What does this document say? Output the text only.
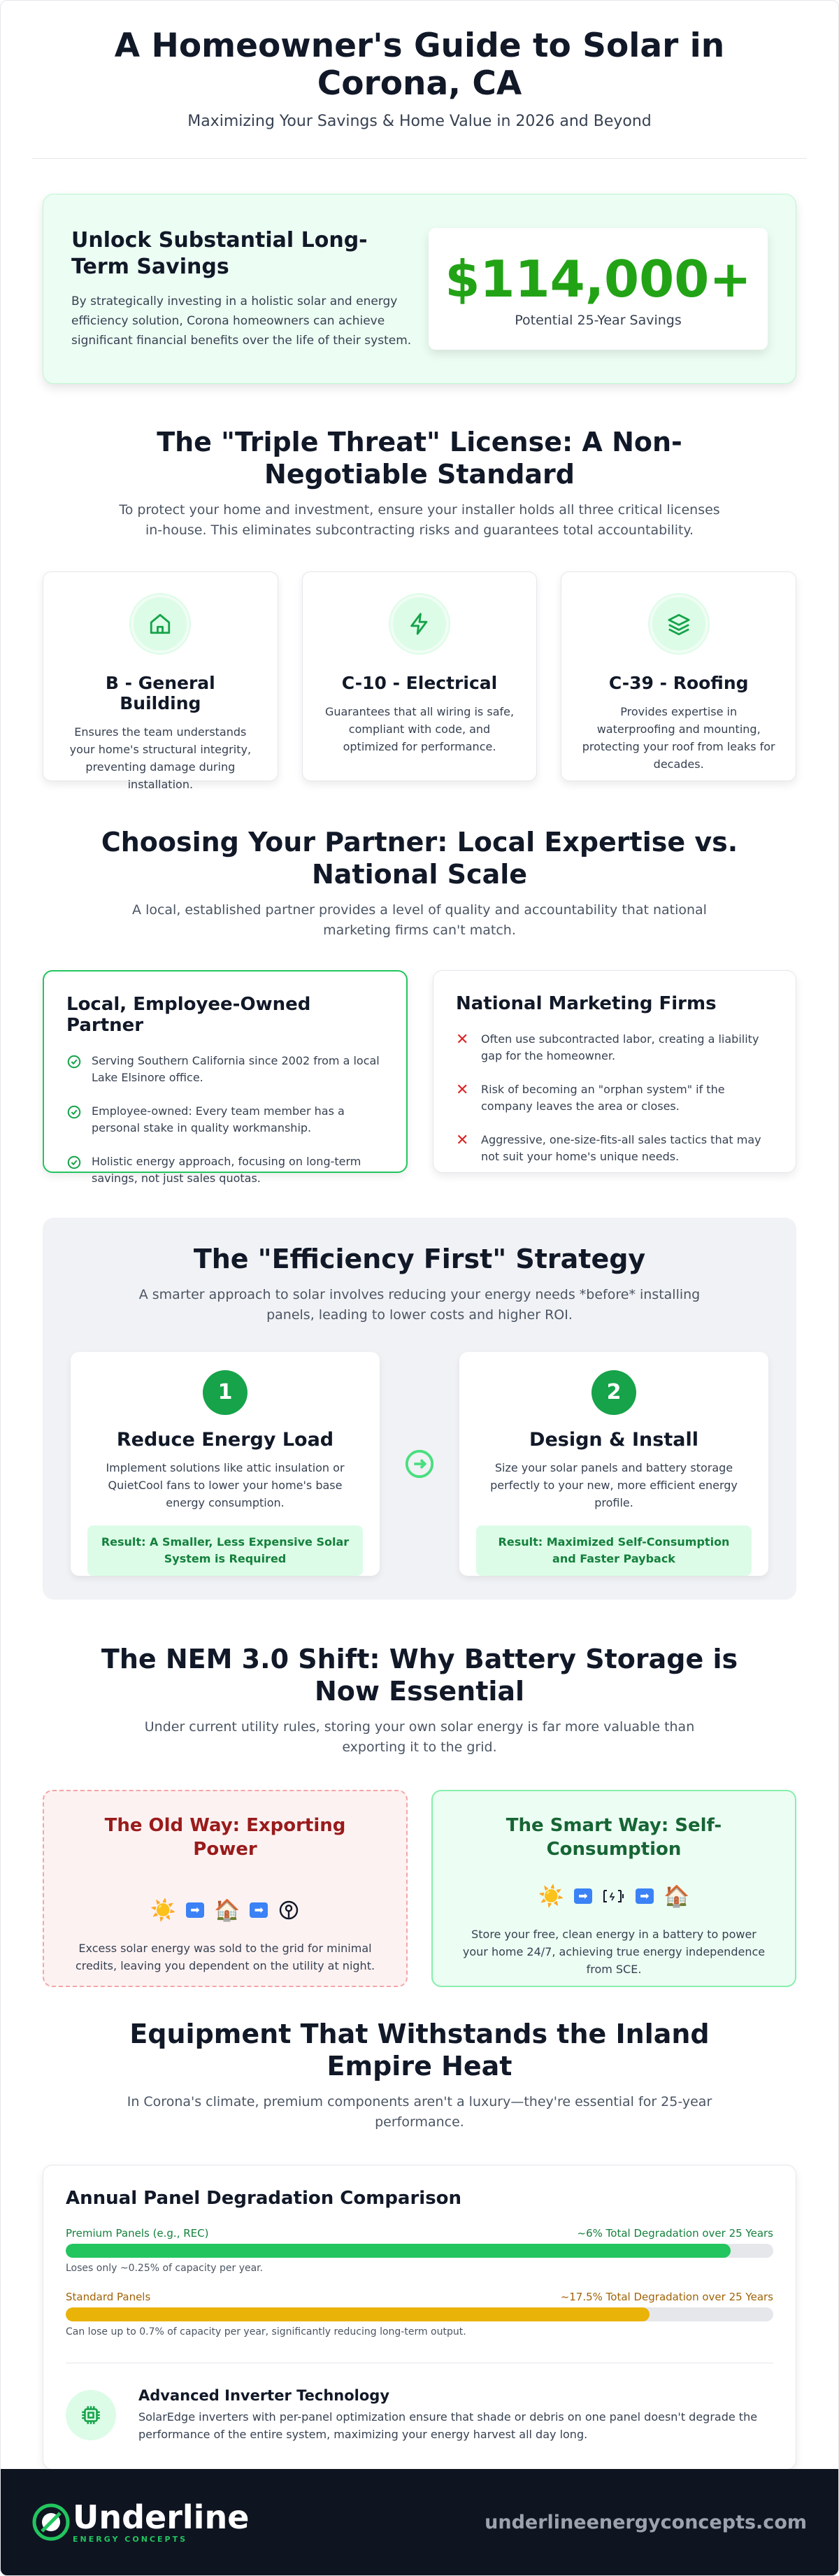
A Homeowner's Guide to Solar in Corona, CA
Maximizing Your Savings & Home Value in 2026 and Beyond
Unlock Substantial Long-Term Savings

By strategically investing in a holistic solar and energy efficiency solution, Corona homeowners can achieve significant financial benefits over the life of their system.

$114,000+
Potential 25-Year Savings
The "Triple Threat" License: A Non-Negotiable Standard

To protect your home and investment, ensure your installer holds all three critical licenses in-house. This eliminates subcontracting risks and guarantees total accountability.

B - General Building

Ensures the team understands your home's structural integrity, preventing damage during installation.

C-10 - Electrical

Guarantees that all wiring is safe, compliant with code, and optimized for performance.

C-39 - Roofing

Provides expertise in waterproofing and mounting, protecting your roof from leaks for decades.

Choosing Your Partner: Local Expertise vs. National Scale

A local, established partner provides a level of quality and accountability that national marketing firms can't match.

Local, Employee-Owned Partner
Serving Southern California since 2002 from a local Lake Elsinore office.
Employee-owned: Every team member has a personal stake in quality workmanship.
Holistic energy approach, focusing on long-term savings, not just sales quotas.
National Marketing Firms
✕ Often use subcontracted labor, creating a liability gap for the homeowner.
✕ Risk of becoming an "orphan system" if the company leaves the area or closes.
✕ Aggressive, one-size-fits-all sales tactics that may not suit your home's unique needs.
The "Efficiency First" Strategy

A smarter approach to solar involves reducing your energy needs *before* installing panels, leading to lower costs and higher ROI.

1
Reduce Energy Load

Implement solutions like attic insulation or QuietCool fans to lower your home's base energy consumption.

Result: A Smaller, Less Expensive Solar System is Required
2
Design & Install

Size your solar panels and battery storage perfectly to your new, more efficient energy profile.

Result: Maximized Self-Consumption and Faster Payback
The NEM 3.0 Shift: Why Battery Storage is Now Essential

Under current utility rules, storing your own solar energy is far more valuable than exporting it to the grid.

The Old Way: Exporting Power
☀️	➡ 🏠	➡

Excess solar energy was sold to the grid for minimal credits, leaving you dependent on the utility at night.

The Smart Way: Self-Consumption
☀️	➡	➡ 🏠

Store your free, clean energy in a battery to power your home 24/7, achieving true energy independence from SCE.

Equipment That Withstands the Inland Empire Heat

In Corona's climate, premium components aren't a luxury—they're essential for 25-year performance.

Annual Panel Degradation Comparison
Premium Panels (e.g., REC)	~6% Total Degradation over 25 Years
Loses only ~0.25% of capacity per year.
Standard Panels	~17.5% Total Degradation over 25 Years
Can lose up to 0.7% of capacity per year, significantly reducing long-term output.
Advanced Inverter Technology

SolarEdge inverters with per-panel optimization ensure that shade or debris on one panel doesn't degrade the performance of the entire system, maximizing your energy harvest all day long.

Underline
ENERGY CONCEPTS
underlineenergyconcepts.com
